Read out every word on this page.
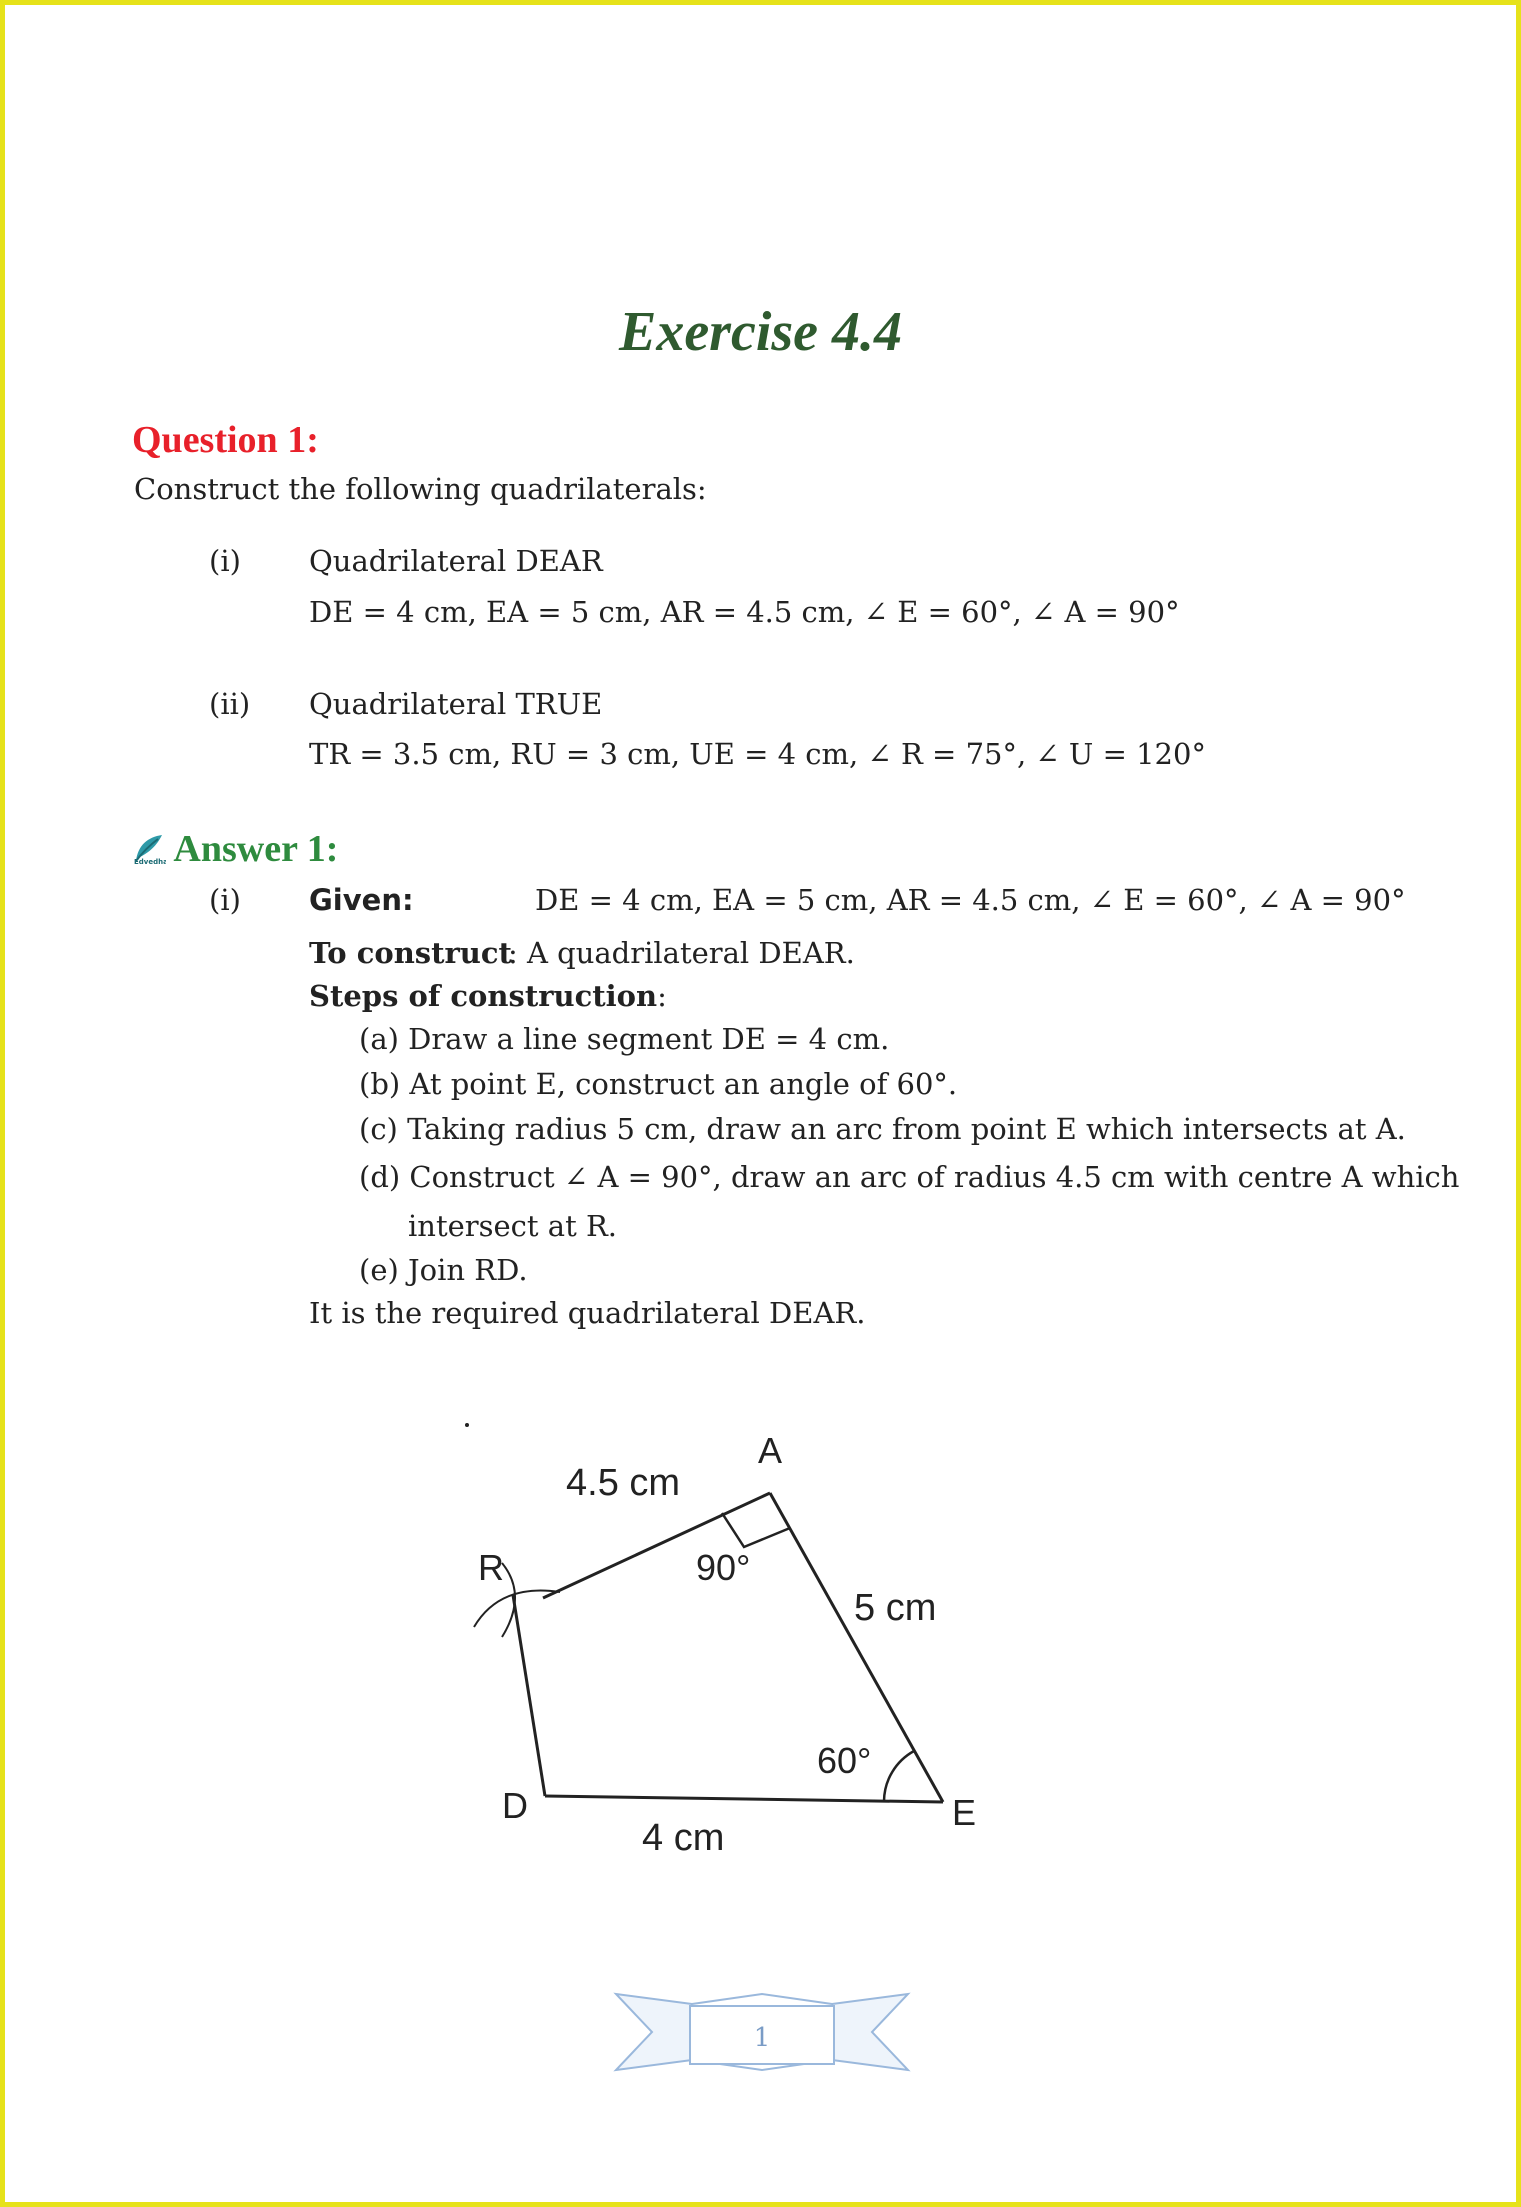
Exercise 4.4
Question 1:
Construct the following quadrilaterals:
(i) Quadrilateral DEAR
DE = 4 cm, EA = 5 cm, AR = 4.5 cm, ∠ E = 60°, ∠ A = 90°
(ii) Quadrilateral TRUE
TR = 3.5 cm, RU = 3 cm, UE = 4 cm, ∠ R = 75°, ∠ U = 120°
Edvedha Answer 1:
(i) Given:	DE = 4 cm, EA = 5 cm, AR = 4.5 cm, ∠ E = 60°, ∠ A = 90°
To construct
: A quadrilateral DEAR.
Steps of construction:
(a) Draw a line segment DE = 4 cm.
(b) At point E, construct an angle of 60°.
(c) Taking radius 5 cm, draw an arc from point E which intersects at A.
(d) Construct ∠ A = 90°, draw an arc of radius 4.5 cm with centre A which
intersect at R.
(e) Join RD.
It is the required quadrilateral DEAR.
A
R
D	E
4.5 cm
5 cm
4 cm
90°
60°
1
